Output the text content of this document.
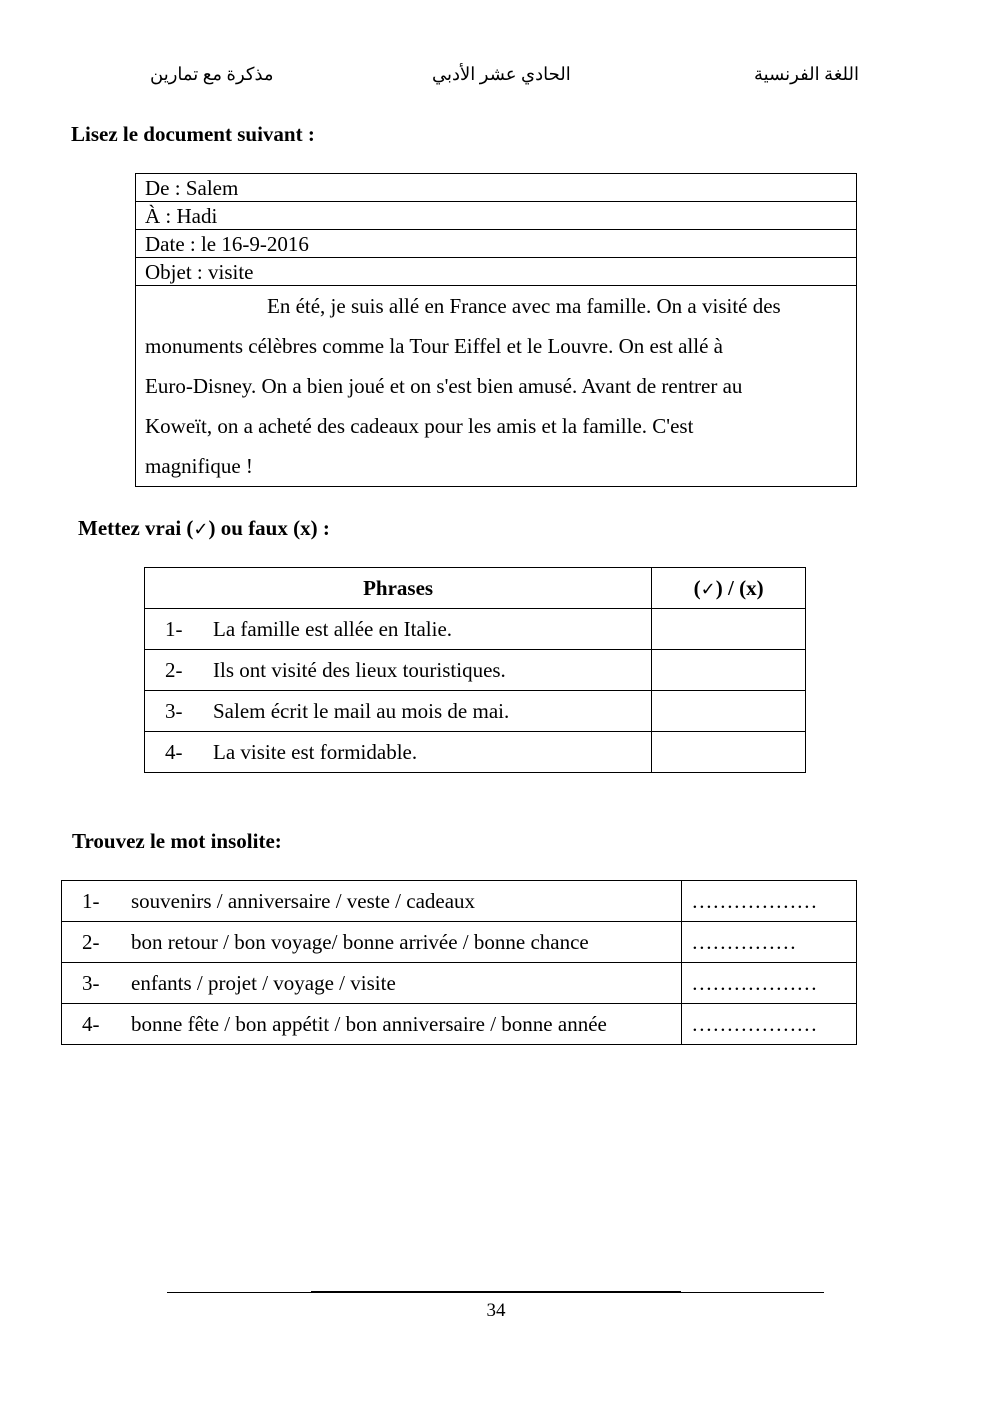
مذكرة مع تمارين	الحادي عشر الأدبي	اللغة الفرنسية
Lisez le document suivant :
De : Salem
À : Hadi
Date : le 16-9-2016
Objet : visite

En été, je suis allé en France avec ma famille. On a visité des

monuments célèbres comme la Tour Eiffel et le Louvre. On est allé à

Euro-Disney. On a bien joué et on s'est bien amusé. Avant de rentrer au

Koweït, on a acheté des cadeaux pour les amis et la famille. C'est

magnifique !

Mettez vrai (✓) ou faux (x) :
Phrases	(✓) / (x)
1- La famille est allée en Italie.	
2- Ils ont visité des lieux touristiques.	
3- Salem écrit le mail au mois de mai.	
4- La visite est formidable.	
Trouvez le mot insolite:
1- souvenirs / anniversaire / veste / cadeaux	………………
2- bon retour / bon voyage/ bonne arrivée / bonne chance	……………
3- enfants / projet / voyage / visite	………………
4- bonne fête / bon appétit / bon anniversaire / bonne année	………………
34
